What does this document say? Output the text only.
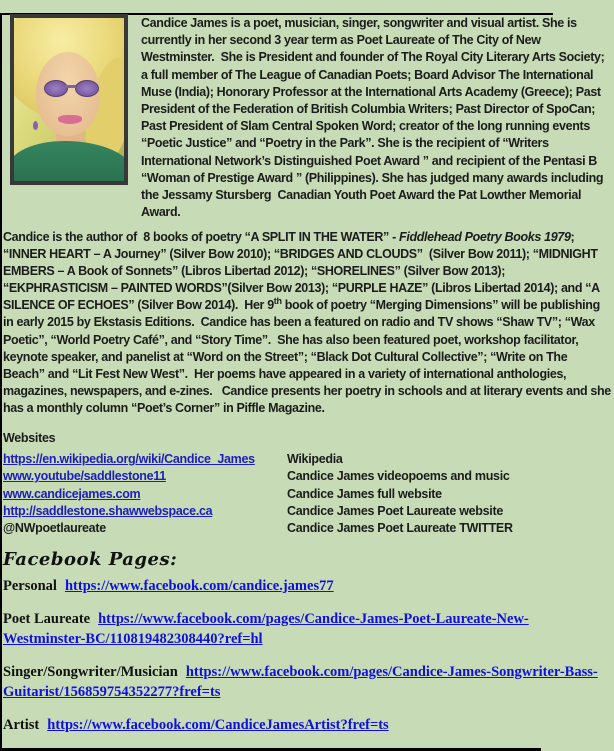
Candice James is a poet, musician, singer, songwriter and visual artist. She is currently in her second 3 year term as Poet Laureate of The City of New Westminster.  She is President and founder of The Royal City Literary Arts Society; a full member of The League of Canadian Poets; Board Advisor The International Muse (India); Honorary Professor at the International Arts Academy (Greece); Past President of the Federation of British Columbia Writers; Past Director of SpoCan; Past President of Slam Central Spoken Word; creator of the long running events “Poetic Justice” and “Poetry in the Park”. She is the recipient of “Writers International Network’s Distinguished Poet Award ” and recipient of the Pentasi B “Woman of Prestige Award ” (Philippines). She has judged many awards including the Jessamy Stursberg  Canadian Youth Poet Award the Pat Lowther Memorial Award.

Candice is the author of  8 books of poetry “A SPLIT IN THE WATER” - Fiddlehead Poetry Books 1979; “INNER HEART – A Journey” (Silver Bow 2010); “BRIDGES AND CLOUDS”  (Silver Bow 2011); “MIDNIGHT EMBERS – A Book of Sonnets” (Libros Libertad 2012); “SHORELINES” (Silver Bow 2013); “EKPHRASTICISM – PAINTED WORDS”(Silver Bow 2013); “PURPLE HAZE” (Libros Libertad 2014); and “A SILENCE OF ECHOES” (Silver Bow 2014).  Her 9th book of poetry “Merging Dimensions” will be publishing in early 2015 by Ekstasis Editions.  Candice has been a featured on radio and TV shows “Shaw TV”; “Wax Poetic”, “World Poetry Café”, and “Story Time”.  She has also been featured poet, workshop facilitator, keynote speaker, and panelist at “Word on the Street”; “Black Dot Cultural Collective”; “Write on The Beach” and “Lit Fest New West”.  Her poems have appeared in a variety of international anthologies, magazines, newspapers, and e-zines.   Candice presents her poetry in schools and at literary events and she has a monthly column “Poet’s Corner” in Piffle Magazine.

Websites
https://en.wikipedia.org/wiki/Candice_James	Wikipedia
www.youtube/saddlestone11	Candice James videopoems and music
www.candicejames.com	Candice James full website
http://saddlestone.shawwebspace.ca	Candice James Poet Laureate website
@NWpoetlaureate	Candice James Poet Laureate TWITTER
Facebook Pages:

Personal https://www.facebook.com/candice.james77

Poet Laureate https://www.facebook.com/pages/Candice-James-Poet-Laureate-New-Westminster-BC/110819482308440?ref=hl

Singer/Songwriter/Musician https://www.facebook.com/pages/Candice-James-Songwriter-Bass-Guitarist/156859754352277?fref=ts

Artist https://www.facebook.com/CandiceJamesArtist?fref=ts
